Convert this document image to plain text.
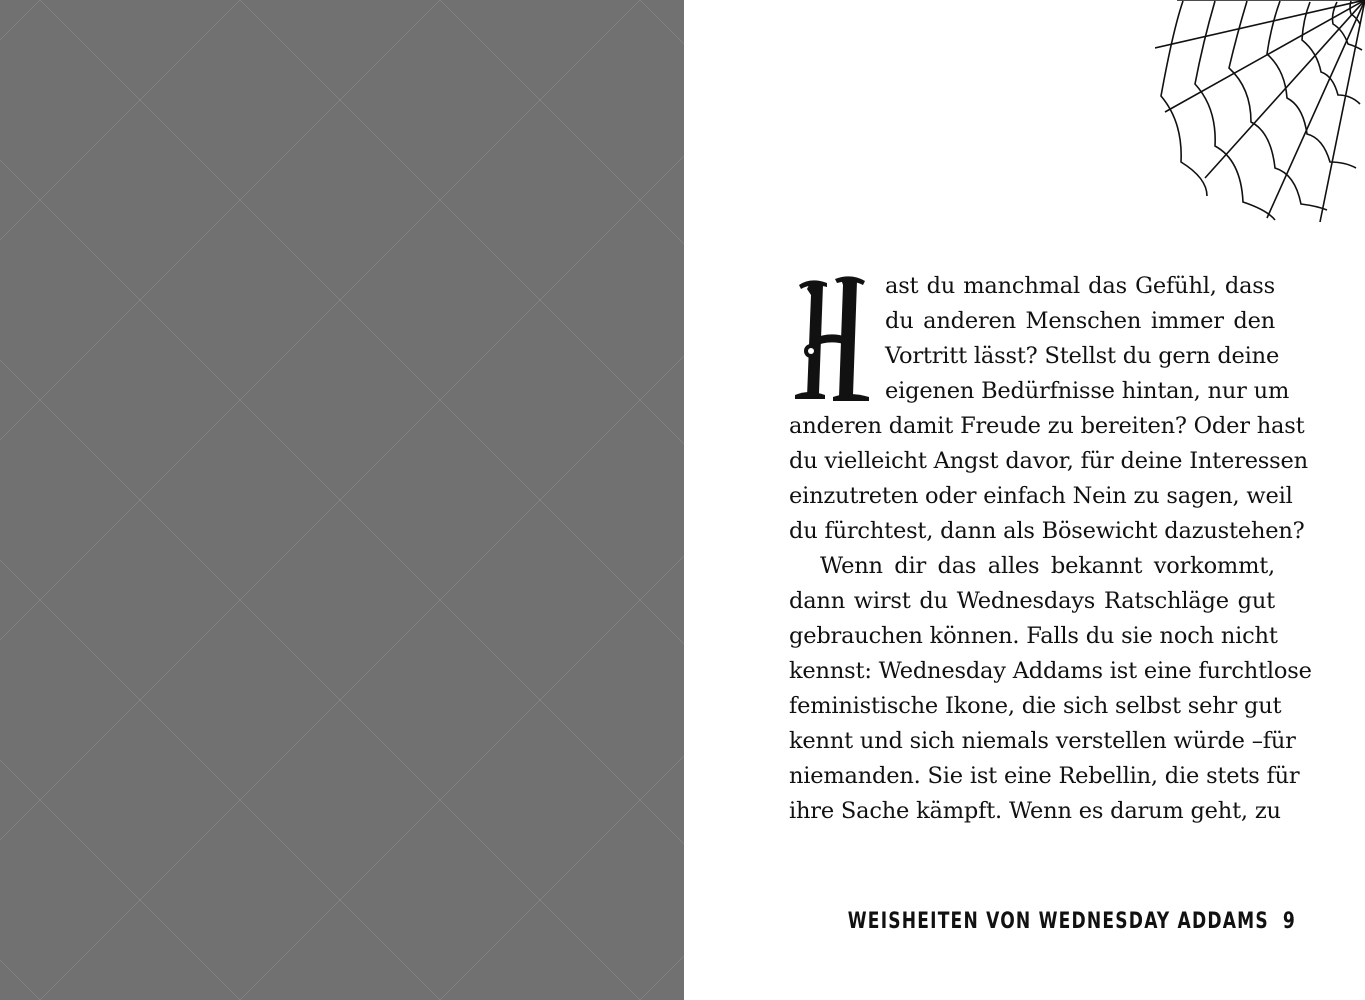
ast du manchmal das Gefühl, dass
du anderen Menschen immer den
Vortritt lässt? Stellst du gern deine
eigenen Bedürfnisse hintan, nur um
anderen damit Freude zu bereiten? Oder hast
du vielleicht Angst davor, für deine Interessen
einzutreten oder einfach Nein zu sagen, weil
du fürchtest, dann als Bösewicht dazustehen?
Wenn dir das alles bekannt vorkommt,
dann wirst du Wednesdays Ratschläge gut
gebrauchen können. Falls du sie noch nicht
kennst: Wednesday Addams ist eine furchtlose
feministische Ikone, die sich selbst sehr gut
kennt und sich niemals verstellen würde –für
niemanden. Sie ist eine Rebellin, die stets für
ihre Sache kämpft. Wenn es darum geht, zu
WEISHEITEN VON WEDNESDAY ADDAMS 9
